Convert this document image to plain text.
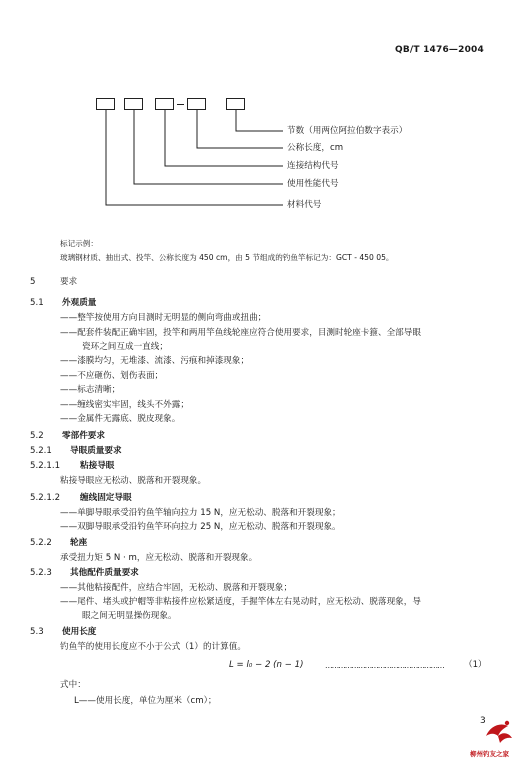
QB/T 1476—2004
节数（用两位阿拉伯数字表示）
公称长度，cm
连接结构代号
使用性能代号
材料代号
标记示例：
玻璃钢材质、抽出式、投竿、公称长度为 450 cm，由 5 节组成的钓鱼竿标记为：GCT - 450 05。
5	要求
5.1 外观质量
——整竿按使用方向目测时无明显的侧向弯曲或扭曲；
——配套件装配正确牢固，投竿和两用竿鱼线轮座应符合使用要求，目测时轮座卡箍、全部导眼
瓷环之间互成一直线；
——漆膜均匀，无堆漆、流漆、污痕和掉漆现象；
——不应砸伤、划伤表面；
——标志清晰；
——缠线密实牢固，线头不外露；
——金属件无露底、脱皮现象。
5.2 零部件要求
5.2.1 导眼质量要求
5.2.1.1 粘接导眼
粘接导眼应无松动、脱落和开裂现象。
5.2.1.2 缠线固定导眼
——单脚导眼承受沿钓鱼竿轴向拉力 15 N，应无松动、脱落和开裂现象；
——双脚导眼承受沿钓鱼竿环向拉力 25 N，应无松动、脱落和开裂现象。
5.2.2 轮座
承受扭力矩 5 N · m，应无松动、脱落和开裂现象。
5.2.3 其他配件质量要求
——其他粘接配件，应结合牢固，无松动、脱落和开裂现象；
——尾件、堵头或护帽等非粘接件应松紧适度，手握竿体左右晃动时，应无松动、脱落现象，导
眼之间无明显操伤现象。
5.3 使用长度
钓鱼竿的使用长度应不小于公式（1）的计算值。
L = l₀ − 2 (n − 1)	……………………………………………… （1）
式中：
L——使用长度，单位为厘米（cm）；
3
柳州钓友之家
